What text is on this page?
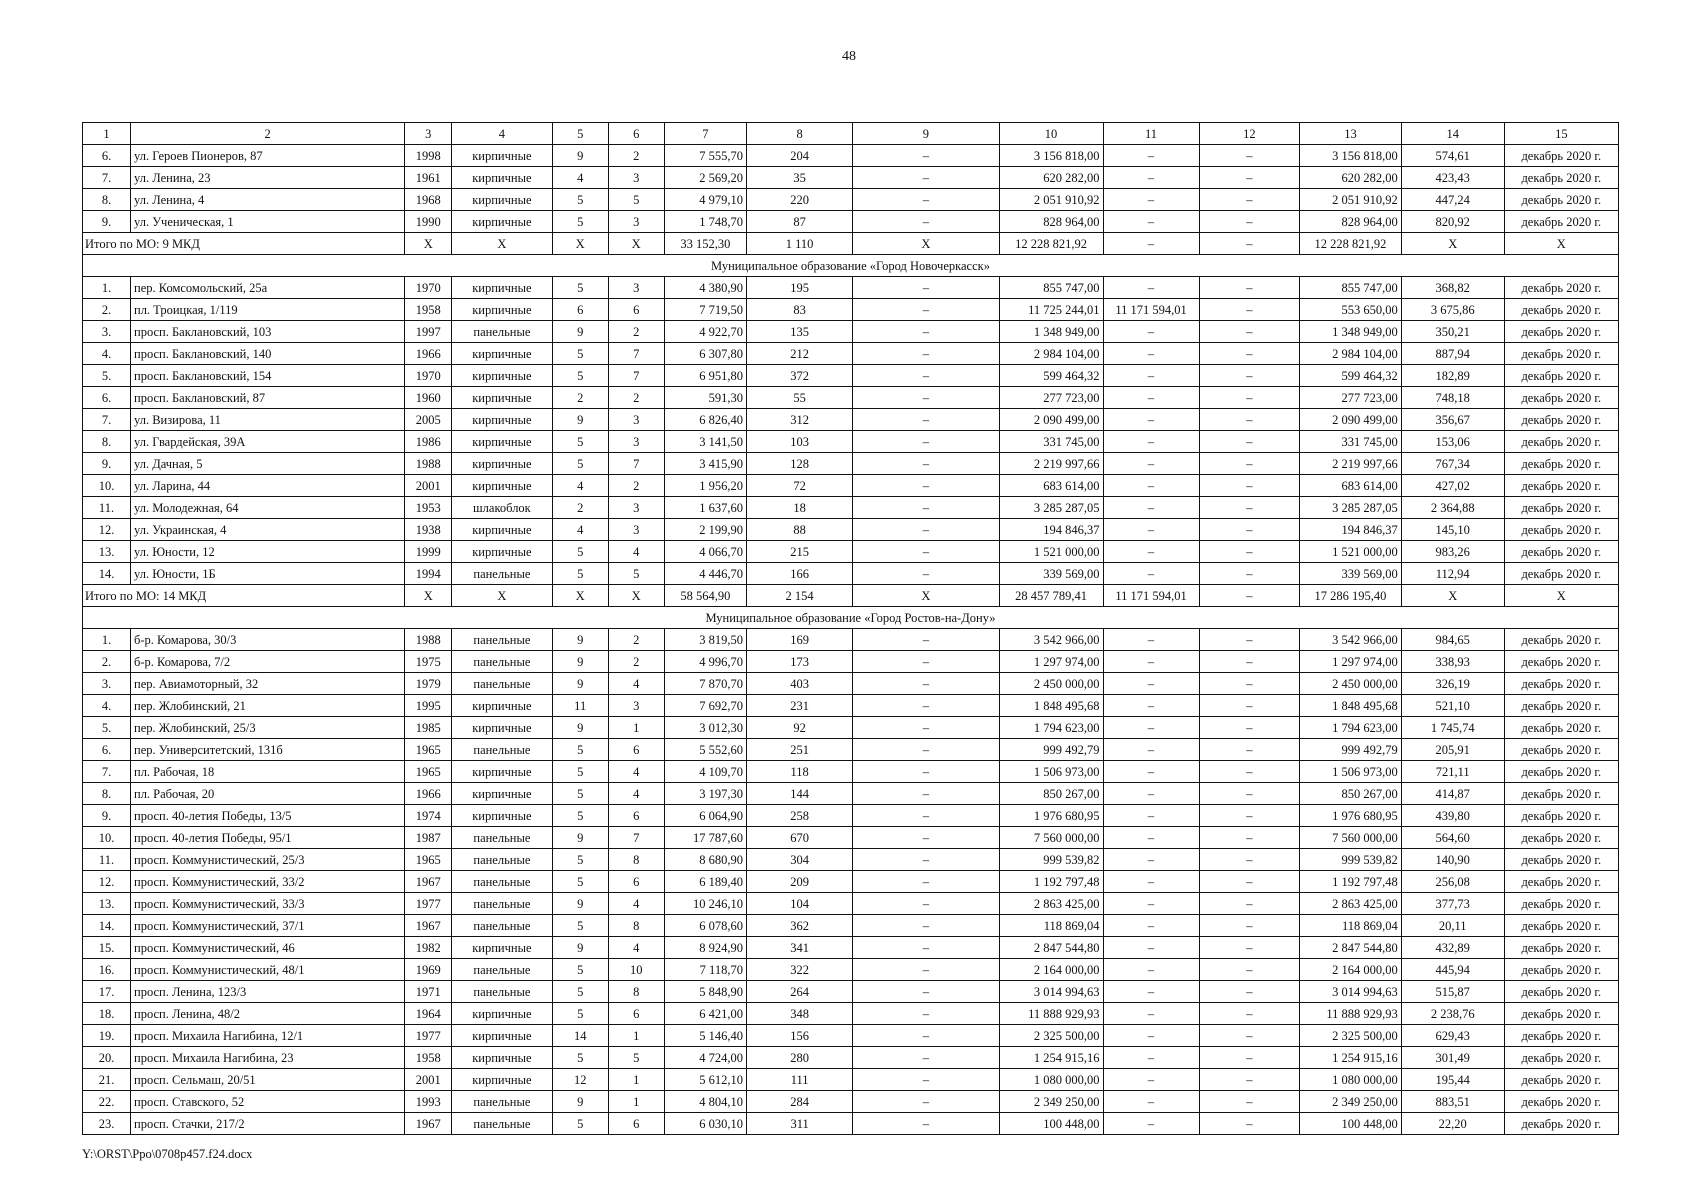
48
1	2	3	4	5	6	7	8	9	10	11	12	13	14	15
6.	ул. Героев Пионеров, 87	1998	кирпичные	9	2	7 555,70	204	–	3 156 818,00	–	–	3 156 818,00	574,61	декабрь 2020 г.
7.	ул. Ленина, 23	1961	кирпичные	4	3	2 569,20	35	–	620 282,00	–	–	620 282,00	423,43	декабрь 2020 г.
8.	ул. Ленина, 4	1968	кирпичные	5	5	4 979,10	220	–	2 051 910,92	–	–	2 051 910,92	447,24	декабрь 2020 г.
9.	ул. Ученическая, 1	1990	кирпичные	5	3	1 748,70	87	–	828 964,00	–	–	828 964,00	820,92	декабрь 2020 г.
Итого по МО: 9 МКД		Х	Х	Х	Х	33 152,30	1 110	Х	12 228 821,92	–	–	12 228 821,92	Х	Х
Муниципальное образование «Город Новочеркасск»														
1.	пер. Комсомольский, 25а	1970	кирпичные	5	3	4 380,90	195	–	855 747,00	–	–	855 747,00	368,82	декабрь 2020 г.
2.	пл. Троицкая, 1/119	1958	кирпичные	6	6	7 719,50	83	–	11 725 244,01	11 171 594,01	–	553 650,00	3 675,86	декабрь 2020 г.
3.	просп. Баклановский, 103	1997	панельные	9	2	4 922,70	135	–	1 348 949,00	–	–	1 348 949,00	350,21	декабрь 2020 г.
4.	просп. Баклановский, 140	1966	кирпичные	5	7	6 307,80	212	–	2 984 104,00	–	–	2 984 104,00	887,94	декабрь 2020 г.
5.	просп. Баклановский, 154	1970	кирпичные	5	7	6 951,80	372	–	599 464,32	–	–	599 464,32	182,89	декабрь 2020 г.
6.	просп. Баклановский, 87	1960	кирпичные	2	2	591,30	55	–	277 723,00	–	–	277 723,00	748,18	декабрь 2020 г.
7.	ул. Визирова, 11	2005	кирпичные	9	3	6 826,40	312	–	2 090 499,00	–	–	2 090 499,00	356,67	декабрь 2020 г.
8.	ул. Гвардейская, 39А	1986	кирпичные	5	3	3 141,50	103	–	331 745,00	–	–	331 745,00	153,06	декабрь 2020 г.
9.	ул. Дачная, 5	1988	кирпичные	5	7	3 415,90	128	–	2 219 997,66	–	–	2 219 997,66	767,34	декабрь 2020 г.
10.	ул. Ларина, 44	2001	кирпичные	4	2	1 956,20	72	–	683 614,00	–	–	683 614,00	427,02	декабрь 2020 г.
11.	ул. Молодежная, 64	1953	шлакоблок	2	3	1 637,60	18	–	3 285 287,05	–	–	3 285 287,05	2 364,88	декабрь 2020 г.
12.	ул. Украинская, 4	1938	кирпичные	4	3	2 199,90	88	–	194 846,37	–	–	194 846,37	145,10	декабрь 2020 г.
13.	ул. Юности, 12	1999	кирпичные	5	4	4 066,70	215	–	1 521 000,00	–	–	1 521 000,00	983,26	декабрь 2020 г.
14.	ул. Юности, 1Б	1994	панельные	5	5	4 446,70	166	–	339 569,00	–	–	339 569,00	112,94	декабрь 2020 г.
Итого по МО: 14 МКД		Х	Х	Х	Х	58 564,90	2 154	Х	28 457 789,41	11 171 594,01	–	17 286 195,40	Х	Х
Муниципальное образование «Город Ростов-на-Дону»														
1.	б-р. Комарова, 30/3	1988	панельные	9	2	3 819,50	169	–	3 542 966,00	–	–	3 542 966,00	984,65	декабрь 2020 г.
2.	б-р. Комарова, 7/2	1975	панельные	9	2	4 996,70	173	–	1 297 974,00	–	–	1 297 974,00	338,93	декабрь 2020 г.
3.	пер. Авиамоторный, 32	1979	панельные	9	4	7 870,70	403	–	2 450 000,00	–	–	2 450 000,00	326,19	декабрь 2020 г.
4.	пер. Жлобинский, 21	1995	кирпичные	11	3	7 692,70	231	–	1 848 495,68	–	–	1 848 495,68	521,10	декабрь 2020 г.
5.	пер. Жлобинский, 25/3	1985	кирпичные	9	1	3 012,30	92	–	1 794 623,00	–	–	1 794 623,00	1 745,74	декабрь 2020 г.
6.	пер. Университетский, 131б	1965	панельные	5	6	5 552,60	251	–	999 492,79	–	–	999 492,79	205,91	декабрь 2020 г.
7.	пл. Рабочая, 18	1965	кирпичные	5	4	4 109,70	118	–	1 506 973,00	–	–	1 506 973,00	721,11	декабрь 2020 г.
8.	пл. Рабочая, 20	1966	кирпичные	5	4	3 197,30	144	–	850 267,00	–	–	850 267,00	414,87	декабрь 2020 г.
9.	просп. 40-летия Победы, 13/5	1974	кирпичные	5	6	6 064,90	258	–	1 976 680,95	–	–	1 976 680,95	439,80	декабрь 2020 г.
10.	просп. 40-летия Победы, 95/1	1987	панельные	9	7	17 787,60	670	–	7 560 000,00	–	–	7 560 000,00	564,60	декабрь 2020 г.
11.	просп. Коммунистический, 25/3	1965	панельные	5	8	8 680,90	304	–	999 539,82	–	–	999 539,82	140,90	декабрь 2020 г.
12.	просп. Коммунистический, 33/2	1967	панельные	5	6	6 189,40	209	–	1 192 797,48	–	–	1 192 797,48	256,08	декабрь 2020 г.
13.	просп. Коммунистический, 33/3	1977	панельные	9	4	10 246,10	104	–	2 863 425,00	–	–	2 863 425,00	377,73	декабрь 2020 г.
14.	просп. Коммунистический, 37/1	1967	панельные	5	8	6 078,60	362	–	118 869,04	–	–	118 869,04	20,11	декабрь 2020 г.
15.	просп. Коммунистический, 46	1982	кирпичные	9	4	8 924,90	341	–	2 847 544,80	–	–	2 847 544,80	432,89	декабрь 2020 г.
16.	просп. Коммунистический, 48/1	1969	панельные	5	10	7 118,70	322	–	2 164 000,00	–	–	2 164 000,00	445,94	декабрь 2020 г.
17.	просп. Ленина, 123/3	1971	панельные	5	8	5 848,90	264	–	3 014 994,63	–	–	3 014 994,63	515,87	декабрь 2020 г.
18.	просп. Ленина, 48/2	1964	кирпичные	5	6	6 421,00	348	–	11 888 929,93	–	–	11 888 929,93	2 238,76	декабрь 2020 г.
19.	просп. Михаила Нагибина, 12/1	1977	кирпичные	14	1	5 146,40	156	–	2 325 500,00	–	–	2 325 500,00	629,43	декабрь 2020 г.
20.	просп. Михаила Нагибина, 23	1958	кирпичные	5	5	4 724,00	280	–	1 254 915,16	–	–	1 254 915,16	301,49	декабрь 2020 г.
21.	просп. Сельмаш, 20/51	2001	кирпичные	12	1	5 612,10	111	–	1 080 000,00	–	–	1 080 000,00	195,44	декабрь 2020 г.
22.	просп. Ставского, 52	1993	панельные	9	1	4 804,10	284	–	2 349 250,00	–	–	2 349 250,00	883,51	декабрь 2020 г.
23.	просп. Стачки, 217/2	1967	панельные	5	6	6 030,10	311	–	100 448,00	–	–	100 448,00	22,20	декабрь 2020 г.
Y:\ORST\Ppo\0708p457.f24.docx
